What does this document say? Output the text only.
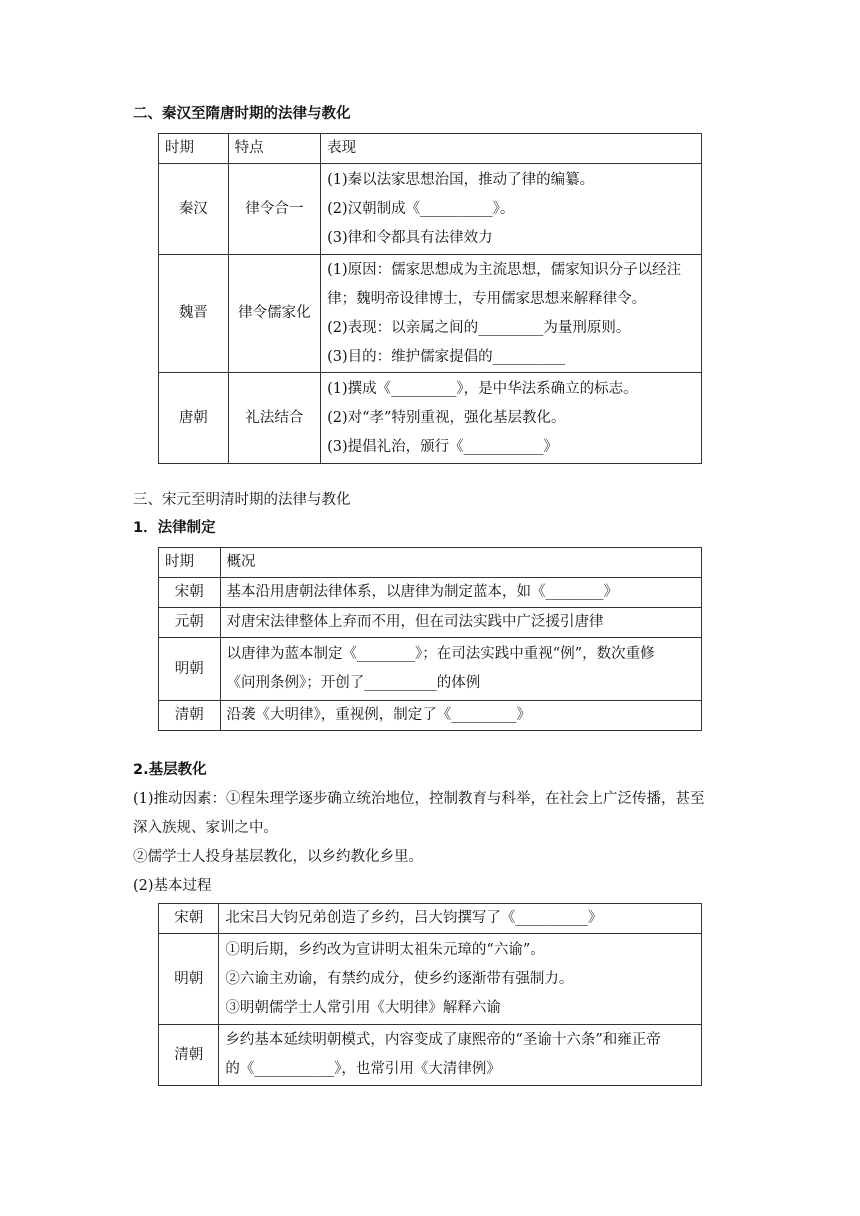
二、秦汉至隋唐时期的法律与教化
时期	特点	表现
秦汉	律令合一	(1)秦以法家思想治国，推动了律的编纂。
(2)汉朝制成《__________》。
(3)律和令都具有法律效力

魏晋	律令儒家化	(1)原因：儒家思想成为主流思想，儒家知识分子以经注
律；魏明帝设律博士，专用儒家思想来解释律令。
(2)表现：以亲属之间的_________为量刑原则。
(3)目的：维护儒家提倡的__________

唐朝	礼法结合	(1)撰成《_________》，是中华法系确立的标志。
(2)对“孝”特别重视，强化基层教化。
(3)提倡礼治，颁行《___________》
三、宋元至明清时期的法律与教化
1．法律制定
时期	概况
宋朝	基本沿用唐朝法律体系，以唐律为制定蓝本，如《________》

元朝	对唐宋法律整体上弃而不用，但在司法实践中广泛援引唐律

明朝	以唐律为蓝本制定《________》；在司法实践中重视“例”，数次重修
《问刑条例》；开创了__________的体例

清朝	沿袭《大明律》，重视例，制定了《_________》
2.基层教化
(1)推动因素：①程朱理学逐步确立统治地位，控制教育与科举，在社会上广泛传播，甚至
深入族规、家训之中。
②儒学士人投身基层教化，以乡约教化乡里。
(2)基本过程
宋朝	北宋吕大钧兄弟创造了乡约，吕大钧撰写了《__________》

明朝	①明后期，乡约改为宣讲明太祖朱元璋的“六谕”。
②六谕主劝谕，有禁约成分，使乡约逐渐带有强制力。
③明朝儒学士人常引用《大明律》解释六谕

清朝	乡约基本延续明朝模式，内容变成了康熙帝的“圣谕十六条”和雍正帝
的《___________》，也常引用《大清律例》
